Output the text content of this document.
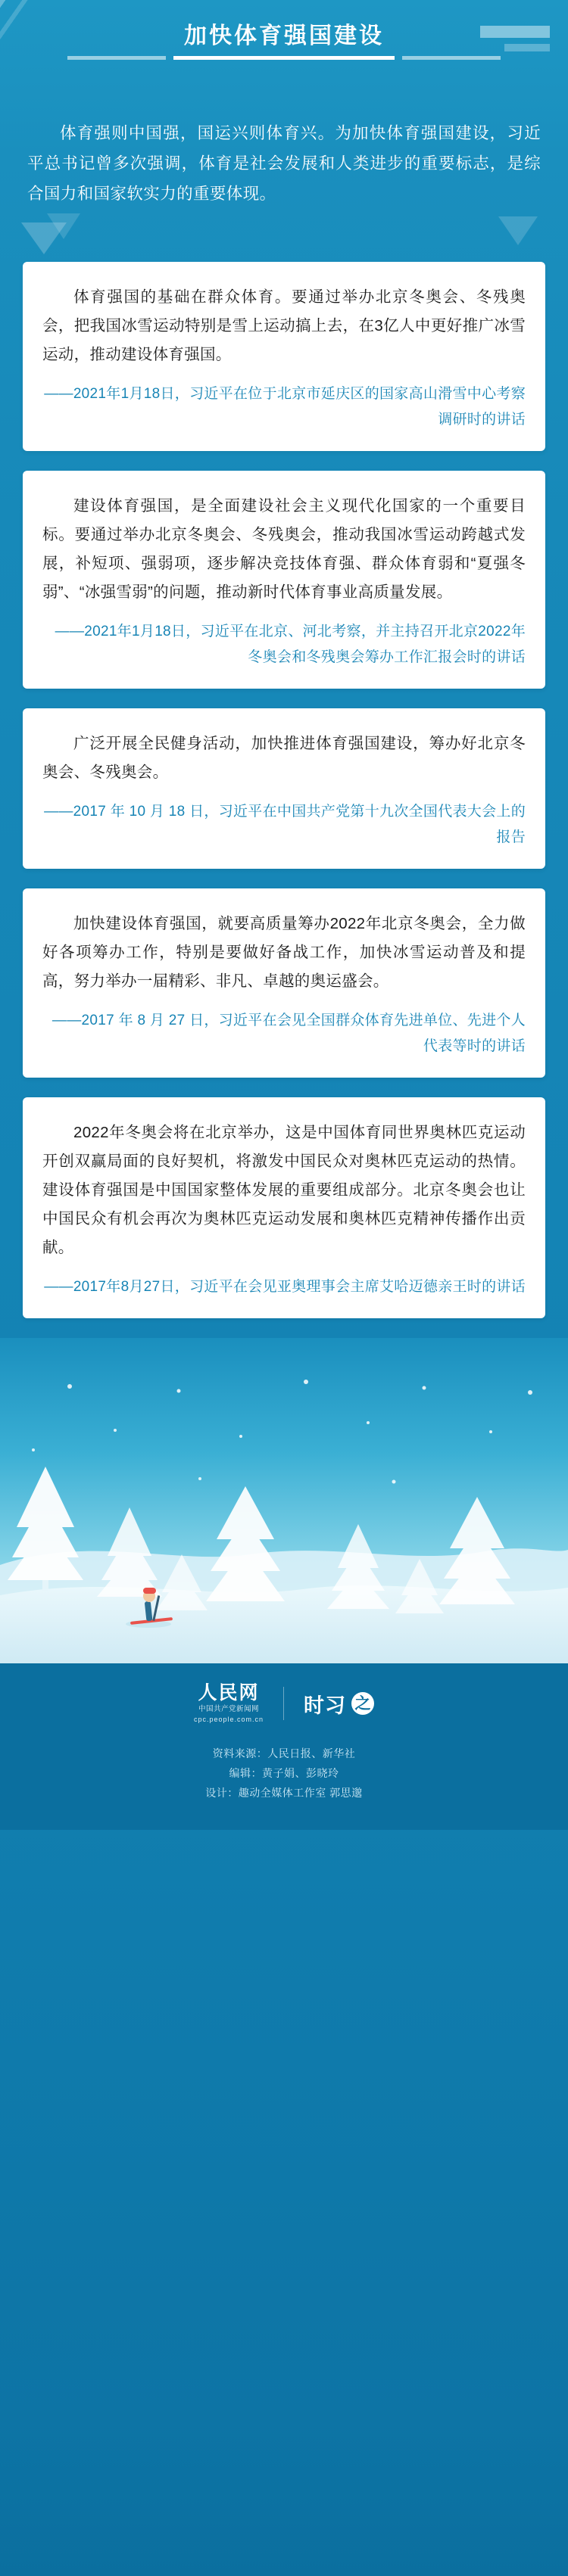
加快体育强国建设
体育强则中国强，国运兴则体育兴。为加快体育强国建设，习近平总书记曾多次强调，体育是社会发展和人类进步的重要标志，是综合国力和国家软实力的重要体现。
体育强国的基础在群众体育。要通过举办北京冬奥会、冬残奥会，把我国冰雪运动特别是雪上运动搞上去，在3亿人中更好推广冰雪运动，推动建设体育强国。
——2021年1月18日，习近平在位于北京市延庆区的国家高山滑雪中心考察调研时的讲话
建设体育强国，是全面建设社会主义现代化国家的一个重要目标。要通过举办北京冬奥会、冬残奥会，推动我国冰雪运动跨越式发展，补短项、强弱项，逐步解决竞技体育强、群众体育弱和“夏强冬弱”、“冰强雪弱”的问题，推动新时代体育事业高质量发展。
——2021年1月18日，习近平在北京、河北考察，并主持召开北京2022年冬奥会和冬残奥会筹办工作汇报会时的讲话
广泛开展全民健身活动，加快推进体育强国建设，筹办好北京冬奥会、冬残奥会。
——2017 年 10 月 18 日，习近平在中国共产党第十九次全国代表大会上的报告
加快建设体育强国，就要高质量筹办2022年北京冬奥会，全力做好各项筹办工作，特别是要做好备战工作，加快冰雪运动普及和提高，努力举办一届精彩、非凡、卓越的奥运盛会。
——2017 年 8 月 27 日，习近平在会见全国群众体育先进单位、先进个人代表等时的讲话
2022年冬奥会将在北京举办，这是中国体育同世界奥林匹克运动开创双赢局面的良好契机，将激发中国民众对奥林匹克运动的热情。建设体育强国是中国国家整体发展的重要组成部分。北京冬奥会也让中国民众有机会再次为奥林匹克运动发展和奥林匹克精神传播作出贡献。
——2017年8月27日，习近平在会见亚奥理事会主席艾哈迈德亲王时的讲话
人民网
中国共产党新闻网
cpc.people.com.cn
时习 之
资料来源：人民日报、新华社
编辑：黄子娟、彭晓玲
设计：趣动全媒体工作室 郭思邈
